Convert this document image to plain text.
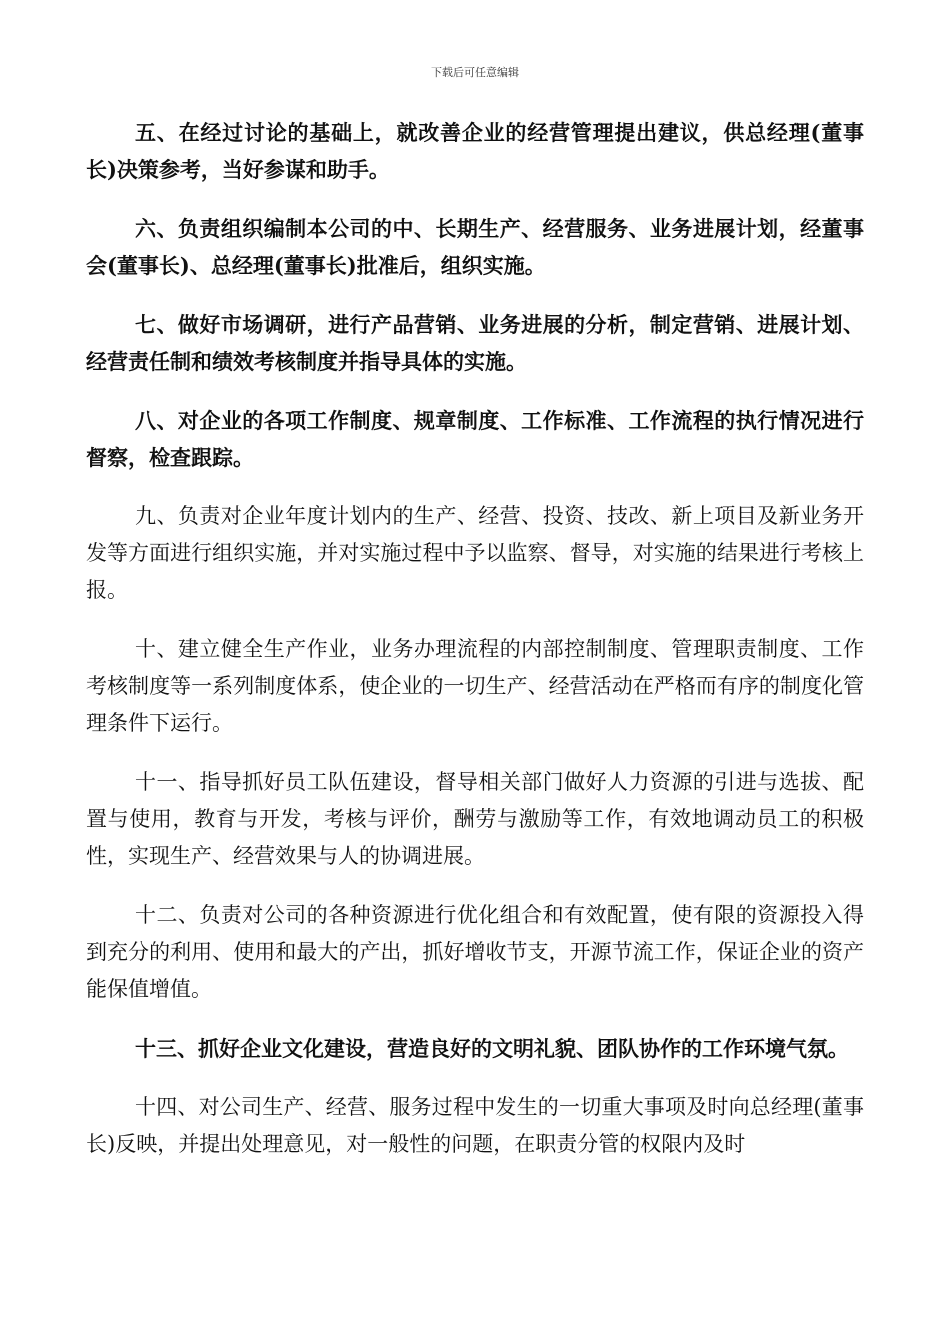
下载后可任意编辑

五、在经过讨论的基础上，就改善企业的经营管理提出建议，供总经理(董事长)决策参考，当好参谋和助手。

六、负责组织编制本公司的中、长期生产、经营服务、业务进展计划，经董事会(董事长)、总经理(董事长)批准后，组织实施。

七、做好市场调研，进行产品营销、业务进展的分析，制定营销、进展计划、经营责任制和绩效考核制度并指导具体的实施。

八、对企业的各项工作制度、规章制度、工作标准、工作流程的执行情况进行督察，检查跟踪。

九、负责对企业年度计划内的生产、经营、投资、技改、新上项目及新业务开发等方面进行组织实施，并对实施过程中予以监察、督导，对实施的结果进行考核上报。

十、建立健全生产作业，业务办理流程的内部控制制度、管理职责制度、工作考核制度等一系列制度体系，使企业的一切生产、经营活动在严格而有序的制度化管理条件下运行。

十一、指导抓好员工队伍建设，督导相关部门做好人力资源的引进与选拔、配置与使用，教育与开发，考核与评价，酬劳与激励等工作，有效地调动员工的积极性，实现生产、经营效果与人的协调进展。

十二、负责对公司的各种资源进行优化组合和有效配置，使有限的资源投入得到充分的利用、使用和最大的产出，抓好增收节支，开源节流工作，保证企业的资产能保值增值。

十三、抓好企业文化建设，营造良好的文明礼貌、团队协作的工作环境气氛。

十四、对公司生产、经营、服务过程中发生的一切重大事项及时向总经理(董事长)反映，并提出处理意见，对一般性的问题，在职责分管的权限内及时
